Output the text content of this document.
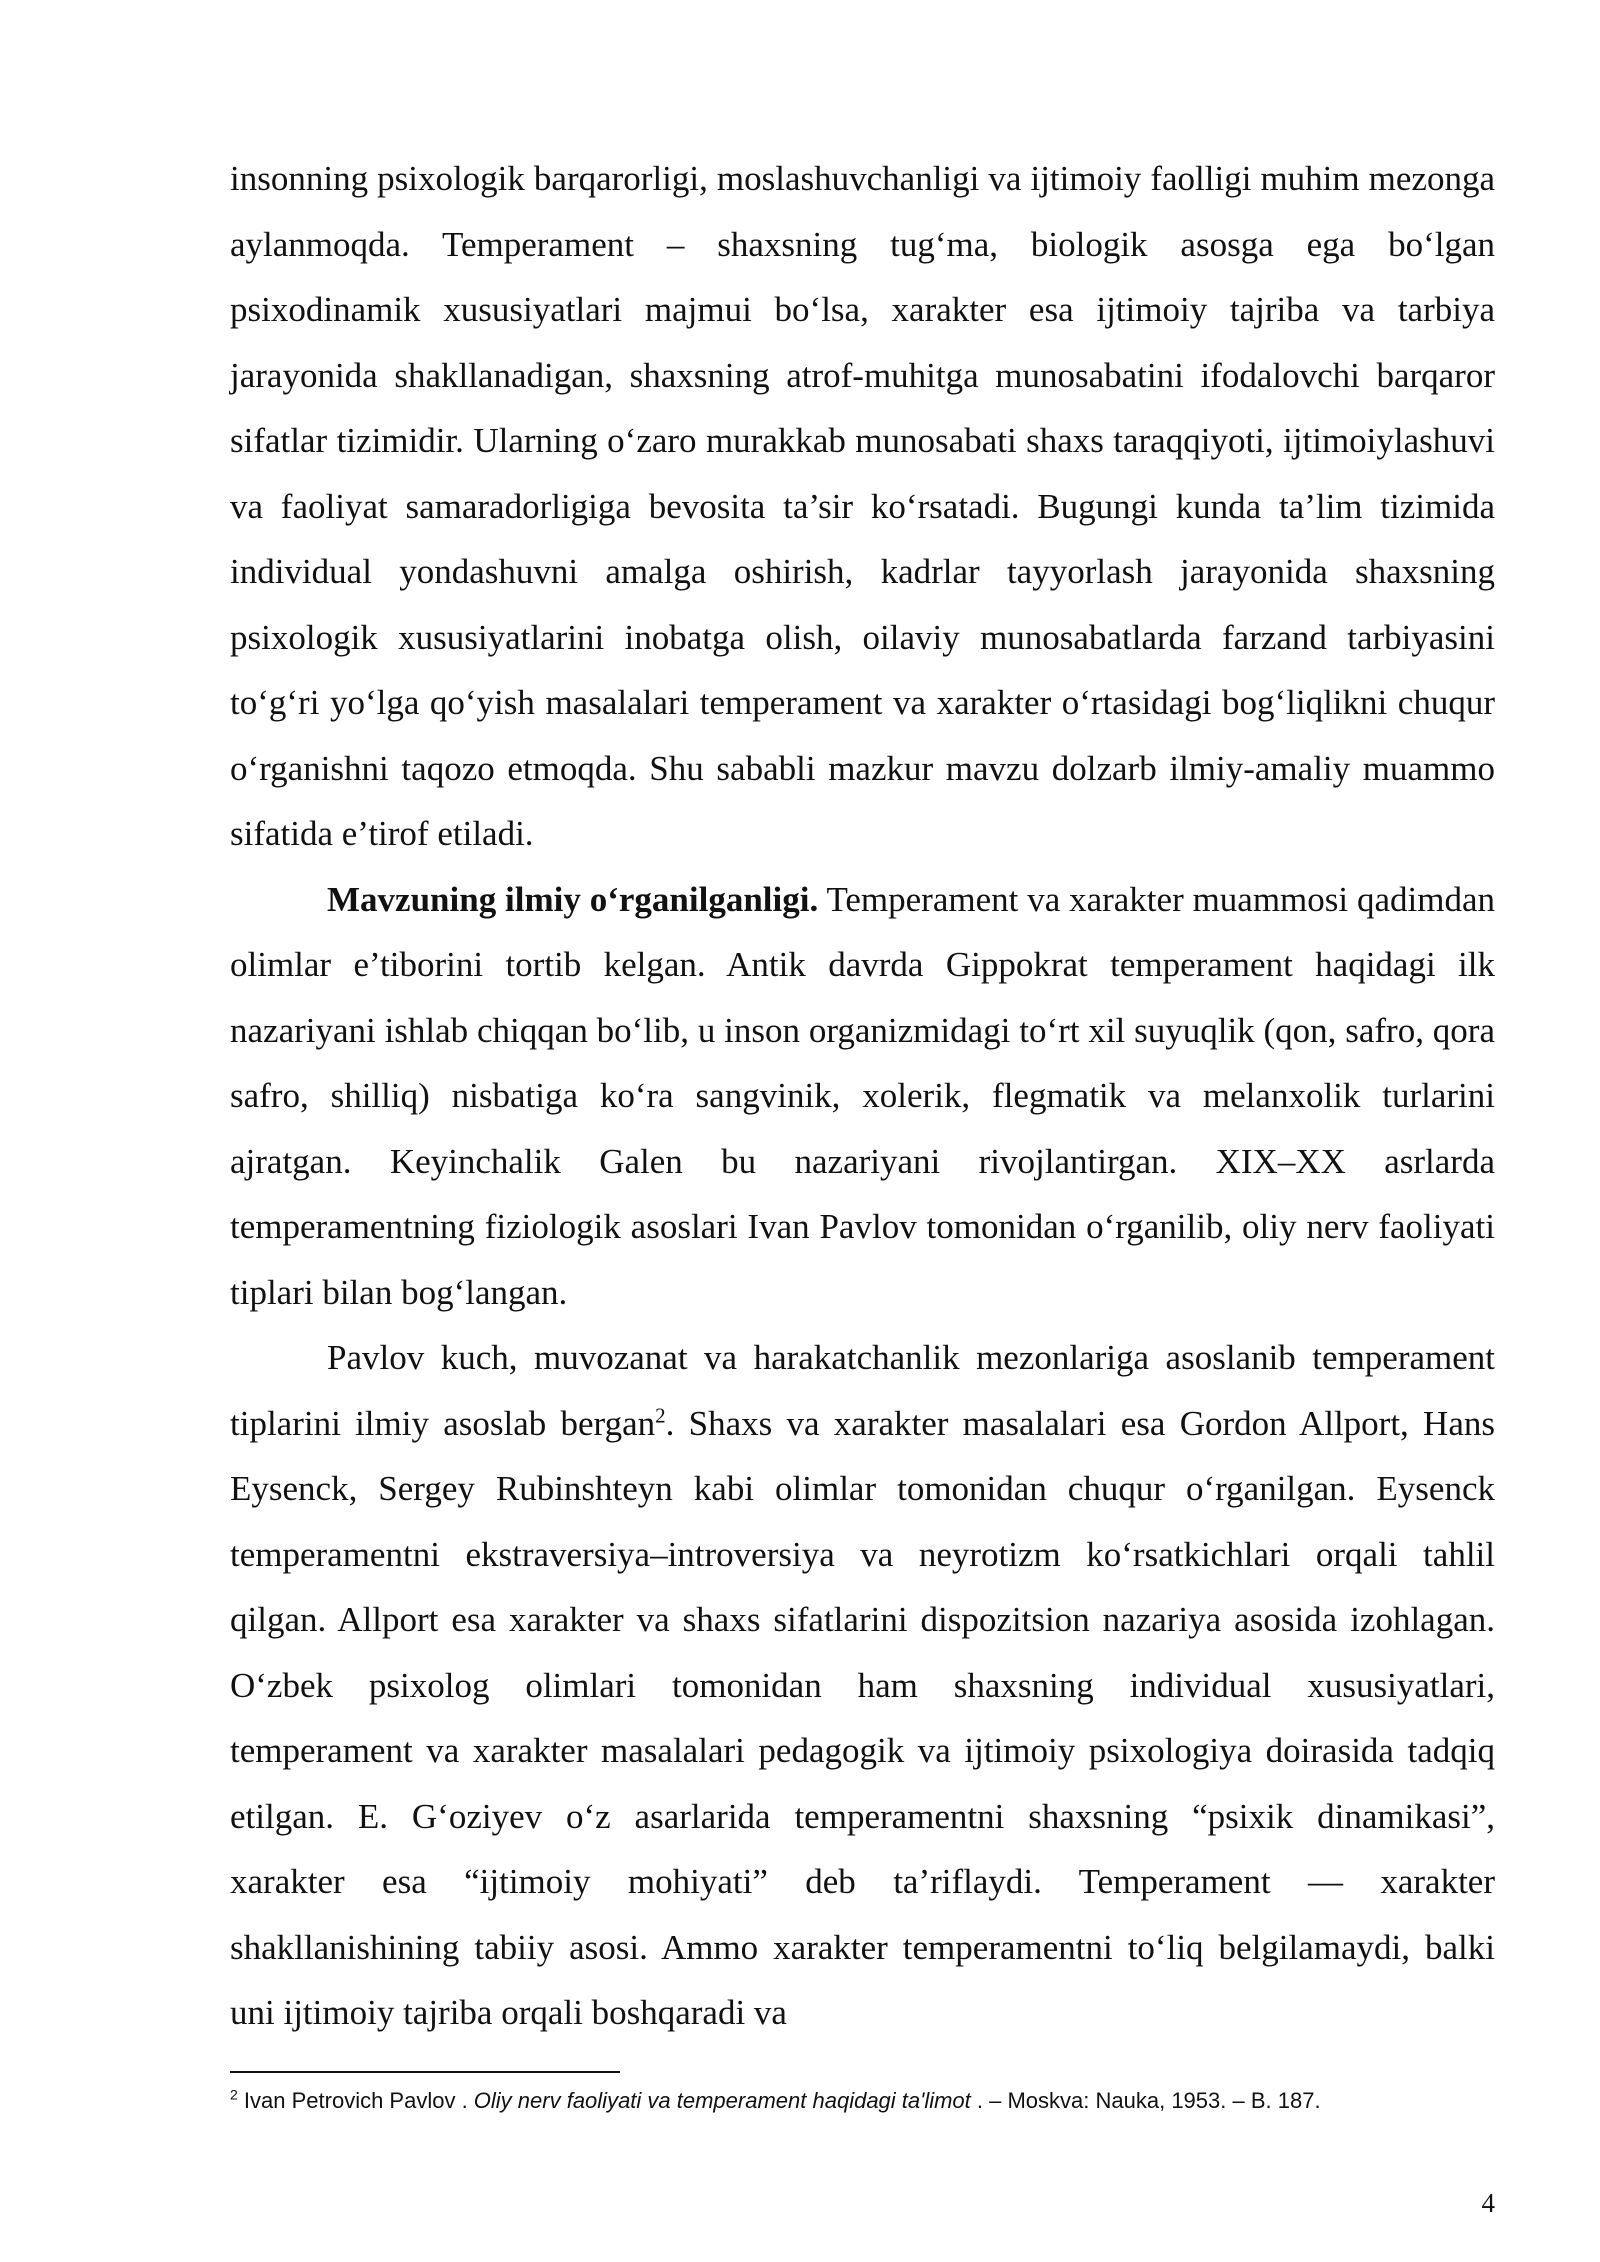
insonning psixologik barqarorligi, moslashuvchanligi va ijtimoiy faolligi muhim mezonga aylanmoqda. Temperament – shaxsning tug‘ma, biologik asosga ega bo‘lgan psixodinamik xususiyatlari majmui bo‘lsa, xarakter esa ijtimoiy tajriba va tarbiya jarayonida shakllanadigan, shaxsning atrof-muhitga munosabatini ifodalovchi barqaror sifatlar tizimidir. Ularning o‘zaro murakkab munosabati shaxs taraqqiyoti, ijtimoiylashuvi va faoliyat samaradorligiga bevosita ta’sir ko‘rsatadi. Bugungi kunda ta’lim tizimida individual yondashuvni amalga oshirish, kadrlar tayyorlash jarayonida shaxsning psixologik xususiyatlarini inobatga olish, oilaviy munosabatlarda farzand tarbiyasini to‘g‘ri yo‘lga qo‘yish masalalari temperament va xarakter o‘rtasidagi bog‘liqlikni chuqur o‘rganishni taqozo etmoqda. Shu sababli mazkur mavzu dolzarb ilmiy-amaliy muammo sifatida e’tirof etiladi.

Mavzuning ilmiy o‘rganilganligi. Temperament va xarakter muammosi qadimdan olimlar e’tiborini tortib kelgan. Antik davrda Gippokrat temperament haqidagi ilk nazariyani ishlab chiqqan bo‘lib, u inson organizmidagi to‘rt xil suyuqlik (qon, safro, qora safro, shilliq) nisbatiga ko‘ra sangvinik, xolerik, flegmatik va melanxolik turlarini ajratgan. Keyinchalik Galen bu nazariyani rivojlantirgan. XIX–XX asrlarda temperamentning fiziologik asoslari Ivan Pavlov tomonidan o‘rganilib, oliy nerv faoliyati tiplari bilan bog‘langan.

Pavlov kuch, muvozanat va harakatchanlik mezonlariga asoslanib temperament tiplarini ilmiy asoslab bergan$^2$. Shaxs va xarakter masalalari esa Gordon Allport, Hans Eysenck, Sergey Rubinshteyn kabi olimlar tomonidan chuqur o‘rganilgan. Eysenck temperamentni ekstraversiya–introversiya va neyrotizm ko‘rsatkichlari orqali tahlil qilgan. Allport esa xarakter va shaxs sifatlarini dispozitsion nazariya asosida izohlagan. O‘zbek psixolog olimlari tomonidan ham shaxsning individual xususiyatlari, temperament va xarakter masalalari pedagogik va ijtimoiy psixologiya doirasida tadqiq etilgan. E. G‘oziyev o‘z asarlarida temperamentni shaxsning “psixik dinamikasi”, xarakter esa “ijtimoiy mohiyati” deb ta’riflaydi. Temperament — xarakter shakllanishining tabiiy asosi. Ammo xarakter temperamentni to‘liq belgilamaydi, balki uni ijtimoiy tajriba orqali boshqaradi va

$^2$ Ivan Petrovich Pavlov . Oliy nerv faoliyati va temperament haqidagi ta'limot . – Moskva: Nauka, 1953. – B. 187.
4
